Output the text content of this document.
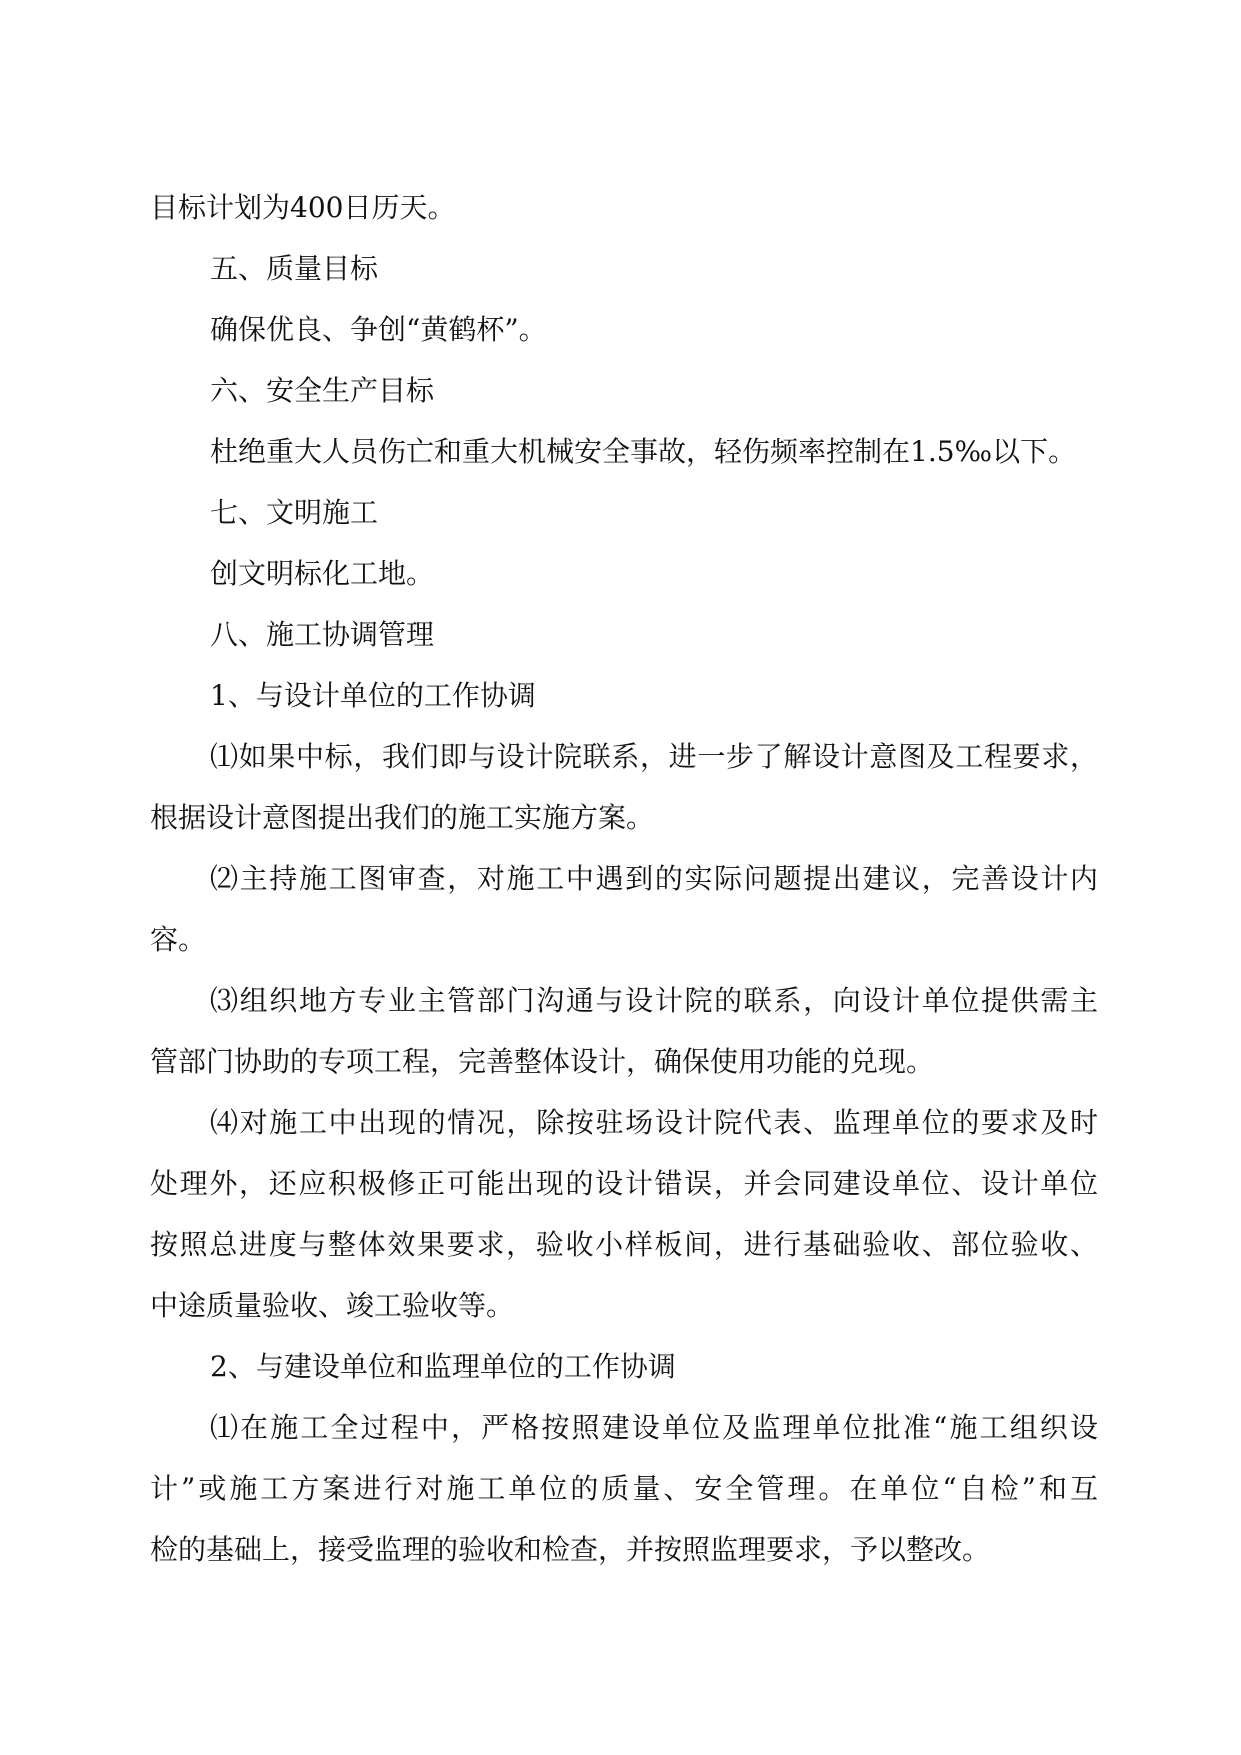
目标计划为400日历天。

五、质量目标

确保优良、争创“黄鹤杯”。

六、安全生产目标

杜绝重大人员伤亡和重大机械安全事故，轻伤频率控制在1.5‰以下。

七、文明施工

创文明标化工地。

八、施工协调管理

1、与设计单位的工作协调

⑴如果中标，我们即与设计院联系，进一步了解设计意图及工程要求，

根据设计意图提出我们的施工实施方案。

⑵主持施工图审查，对施工中遇到的实际问题提出建议，完善设计内

容。

⑶组织地方专业主管部门沟通与设计院的联系，向设计单位提供需主

管部门协助的专项工程，完善整体设计，确保使用功能的兑现。

⑷对施工中出现的情况，除按驻场设计院代表、监理单位的要求及时

处理外，还应积极修正可能出现的设计错误，并会同建设单位、设计单位

按照总进度与整体效果要求，验收小样板间，进行基础验收、部位验收、

中途质量验收、竣工验收等。

2、与建设单位和监理单位的工作协调

⑴在施工全过程中，严格按照建设单位及监理单位批准“施工组织设

计”或施工方案进行对施工单位的质量、安全管理。在单位“自检”和互

检的基础上，接受监理的验收和检查，并按照监理要求，予以整改。
